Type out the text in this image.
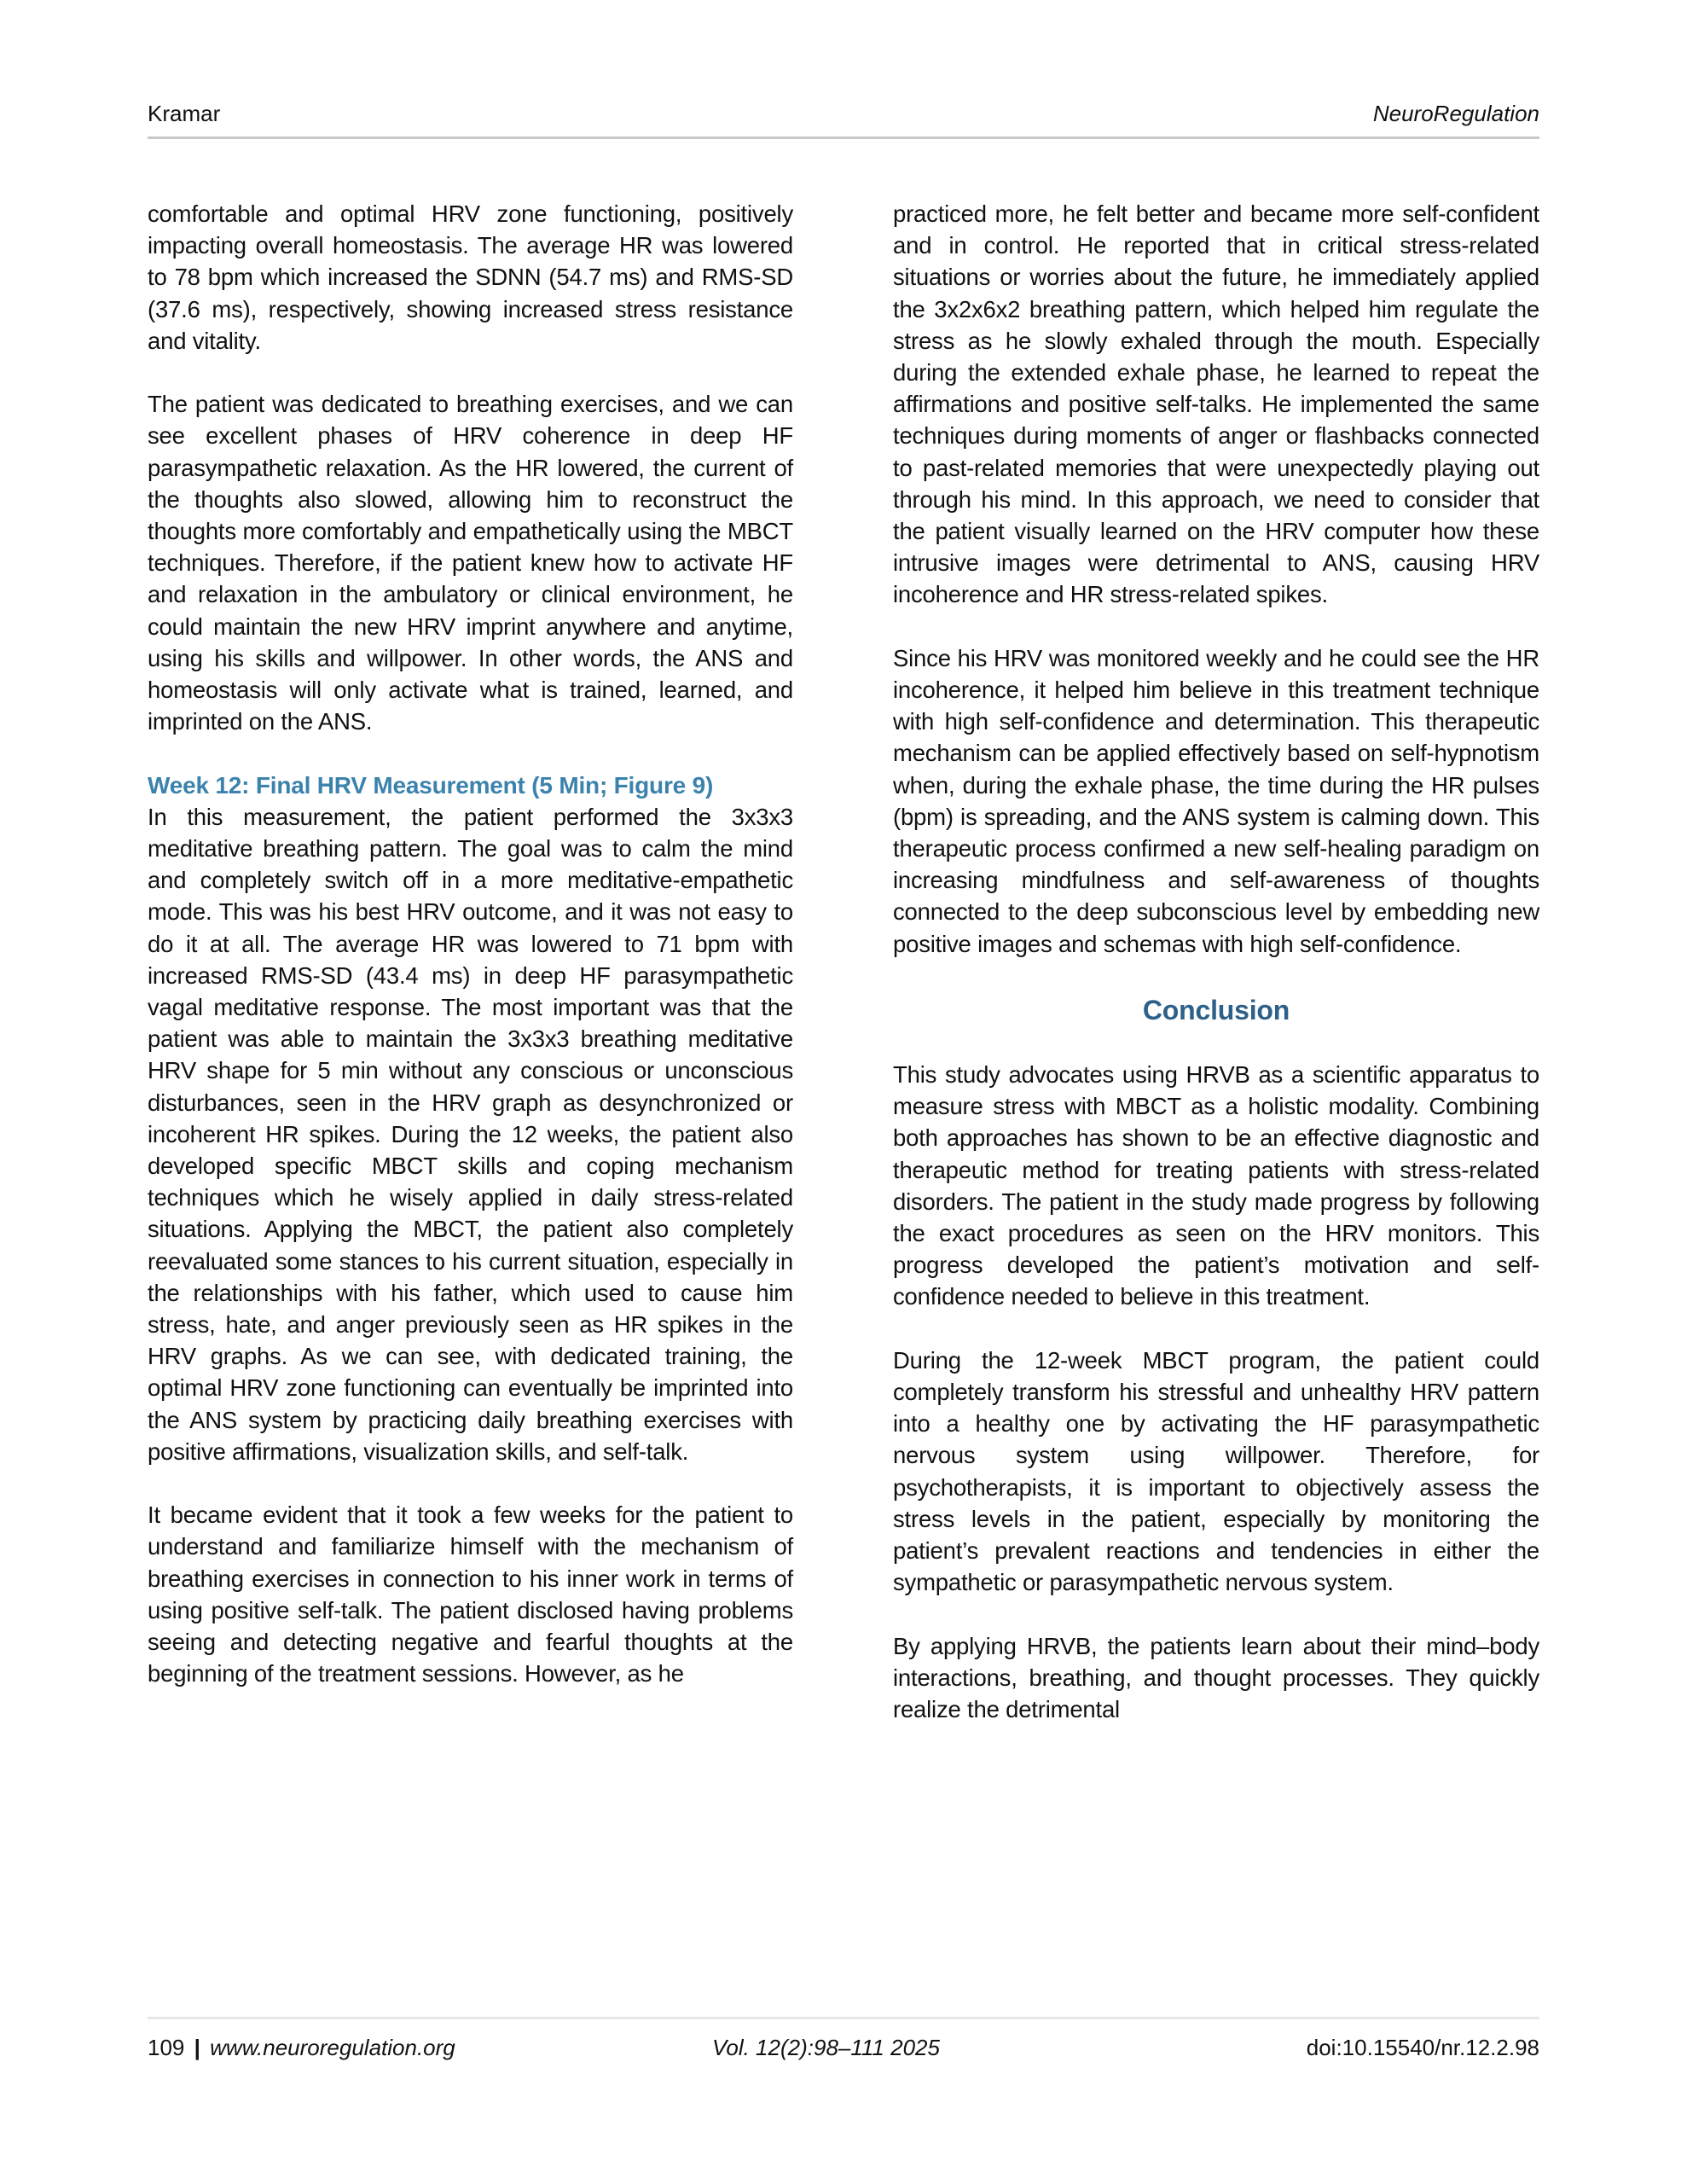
Kramar	NeuroRegulation

comfortable and optimal HRV zone functioning, positively impacting overall homeostasis. The average HR was lowered to 78 bpm which increased the SDNN (54.7 ms) and RMS-SD (37.6 ms), respectively, showing increased stress resistance and vitality.

The patient was dedicated to breathing exercises, and we can see excellent phases of HRV coherence in deep HF parasympathetic relaxation. As the HR lowered, the current of the thoughts also slowed, allowing him to reconstruct the thoughts more comfortably and empathetically using the MBCT techniques. Therefore, if the patient knew how to activate HF and relaxation in the ambulatory or clinical environment, he could maintain the new HRV imprint anywhere and anytime, using his skills and willpower. In other words, the ANS and homeostasis will only activate what is trained, learned, and imprinted on the ANS.

Week 12: Final HRV Measurement (5 Min; Figure 9)

In this measurement, the patient performed the 3x3x3 meditative breathing pattern. The goal was to calm the mind and completely switch off in a more meditative-empathetic mode. This was his best HRV outcome, and it was not easy to do it at all. The average HR was lowered to 71 bpm with increased RMS-SD (43.4 ms) in deep HF parasympathetic vagal meditative response. The most important was that the patient was able to maintain the 3x3x3 breathing meditative HRV shape for 5 min without any conscious or unconscious disturbances, seen in the HRV graph as desynchronized or incoherent HR spikes. During the 12 weeks, the patient also developed specific MBCT skills and coping mechanism techniques which he wisely applied in daily stress-related situations. Applying the MBCT, the patient also completely reevaluated some stances to his current situation, especially in the relationships with his father, which used to cause him stress, hate, and anger previously seen as HR spikes in the HRV graphs. As we can see, with dedicated training, the optimal HRV zone functioning can eventually be imprinted into the ANS system by practicing daily breathing exercises with positive affirmations, visualization skills, and self-talk.

It became evident that it took a few weeks for the patient to understand and familiarize himself with the mechanism of breathing exercises in connection to his inner work in terms of using positive self-talk. The patient disclosed having problems seeing and detecting negative and fearful thoughts at the beginning of the treatment sessions. However, as he

practiced more, he felt better and became more self-confident and in control. He reported that in critical stress-related situations or worries about the future, he immediately applied the 3x2x6x2 breathing pattern, which helped him regulate the stress as he slowly exhaled through the mouth. Especially during the extended exhale phase, he learned to repeat the affirmations and positive self-talks. He implemented the same techniques during moments of anger or flashbacks connected to past-related memories that were unexpectedly playing out through his mind. In this approach, we need to consider that the patient visually learned on the HRV computer how these intrusive images were detrimental to ANS, causing HRV incoherence and HR stress-related spikes.

Since his HRV was monitored weekly and he could see the HR incoherence, it helped him believe in this treatment technique with high self-confidence and determination. This therapeutic mechanism can be applied effectively based on self-hypnotism when, during the exhale phase, the time during the HR pulses (bpm) is spreading, and the ANS system is calming down. This therapeutic process confirmed a new self-healing paradigm on increasing mindfulness and self-awareness of thoughts connected to the deep subconscious level by embedding new positive images and schemas with high self-confidence.

Conclusion

This study advocates using HRVB as a scientific apparatus to measure stress with MBCT as a holistic modality. Combining both approaches has shown to be an effective diagnostic and therapeutic method for treating patients with stress-related disorders. The patient in the study made progress by following the exact procedures as seen on the HRV monitors. This progress developed the patient’s motivation and self-confidence needed to believe in this treatment.

During the 12-week MBCT program, the patient could completely transform his stressful and unhealthy HRV pattern into a healthy one by activating the HF parasympathetic nervous system using willpower. Therefore, for psychotherapists, it is important to objectively assess the stress levels in the patient, especially by monitoring the patient’s prevalent reactions and tendencies in either the sympathetic or parasympathetic nervous system.

By applying HRVB, the patients learn about their mind–body interactions, breathing, and thought processes. They quickly realize the detrimental

109 | www.neuroregulation.org	Vol. 12(2):98–111 2025	doi:10.15540/nr.12.2.98
